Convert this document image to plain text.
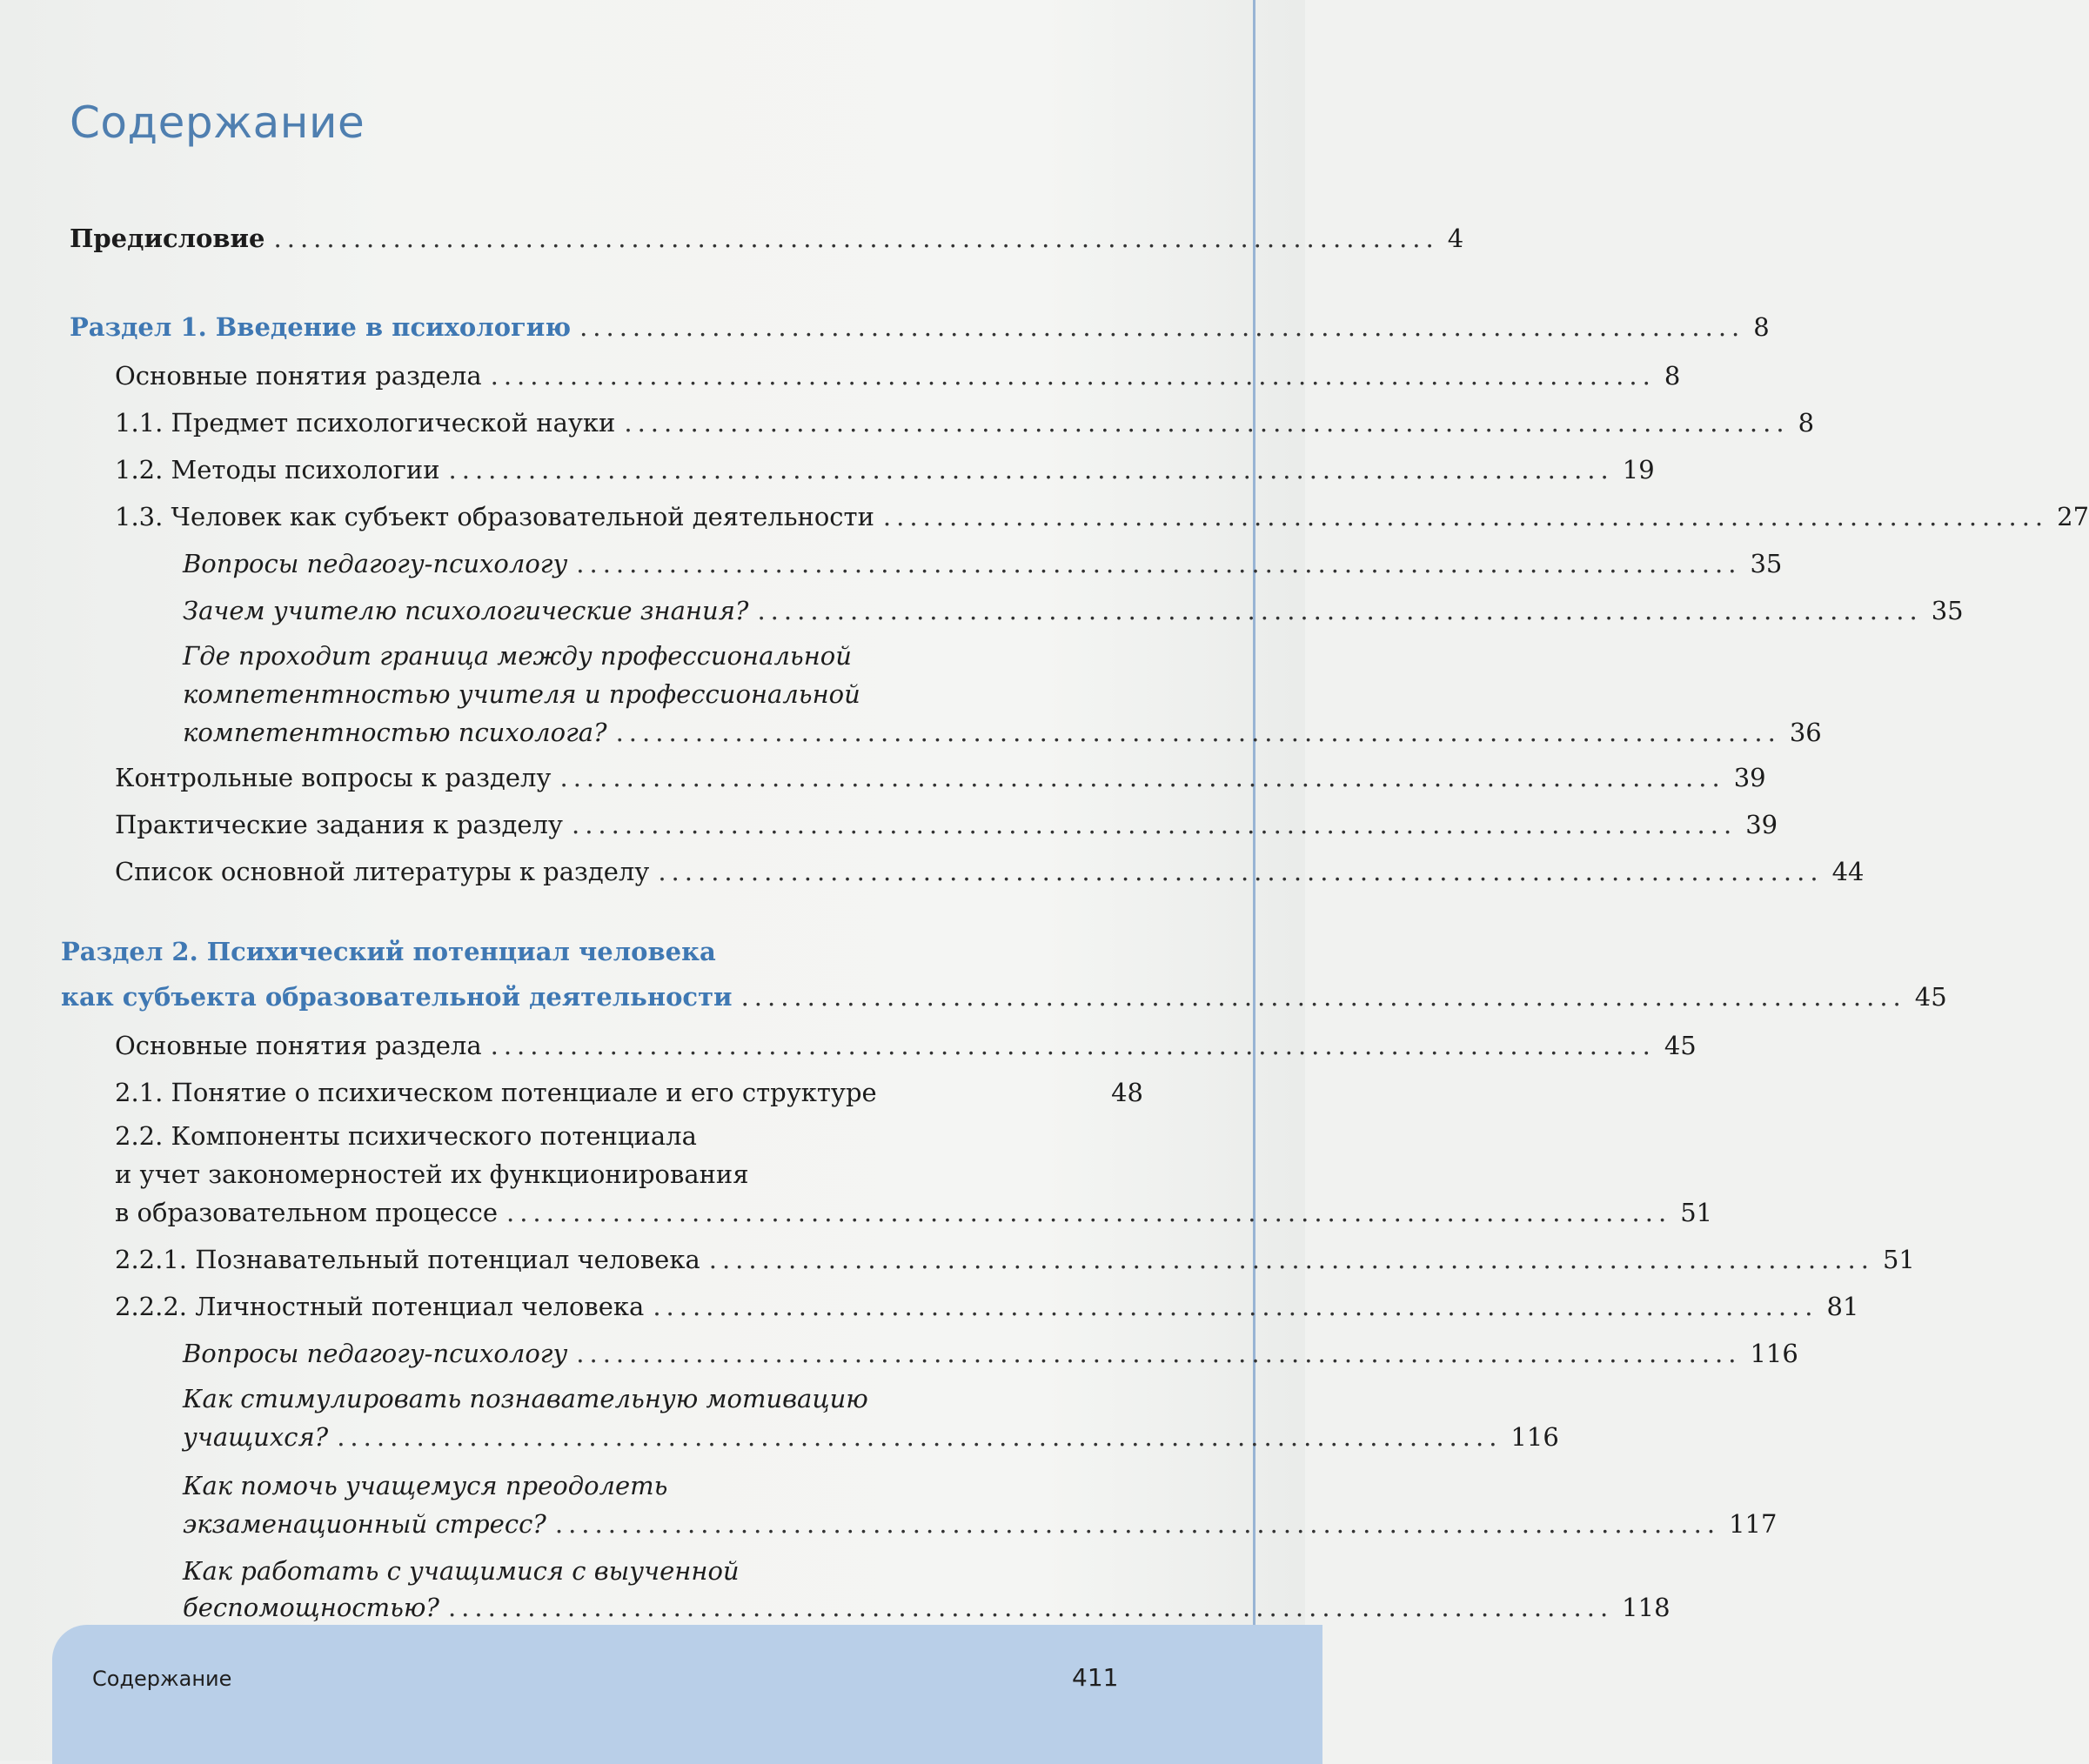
Содержание
Предисловие ........................................................................................ 4
Раздел 1. Введение в психологию ........................................................................................ 8
Основные понятия раздела ........................................................................................ 8
1.1. Предмет психологической науки ........................................................................................ 8
1.2. Методы психологии ........................................................................................ 19
1.3. Человек как субъект образовательной деятельности ........................................................................................ 27
Вопросы педагогу-психологу ........................................................................................ 35
Зачем учителю психологические знания? ........................................................................................ 35
Где проходит граница между профессиональной
компетентностью учителя и профессиональной
компетентностью психолога? ........................................................................................ 36
Контрольные вопросы к разделу ........................................................................................ 39
Практические задания к разделу ........................................................................................ 39
Список основной литературы к разделу ........................................................................................ 44
Раздел 2. Психический потенциал человека
как субъекта образовательной деятельности ........................................................................................ 45
Основные понятия раздела ........................................................................................ 45
2.1. Понятие о психическом потенциале и его структуре	48
2.2. Компоненты психического потенциала
и учет закономерностей их функционирования
в образовательном процессе ........................................................................................ 51
2.2.1. Познавательный потенциал человека ........................................................................................ 51
2.2.2. Личностный потенциал человека ........................................................................................ 81
Вопросы педагогу-психологу ........................................................................................ 116
Как стимулировать познавательную мотивацию
учащихся? ........................................................................................ 116
Как помочь учащемуся преодолеть
экзаменационный стресс? ........................................................................................ 117
Как работать с учащимися с выученной
беспомощностью? ........................................................................................ 118
Содержание	411
